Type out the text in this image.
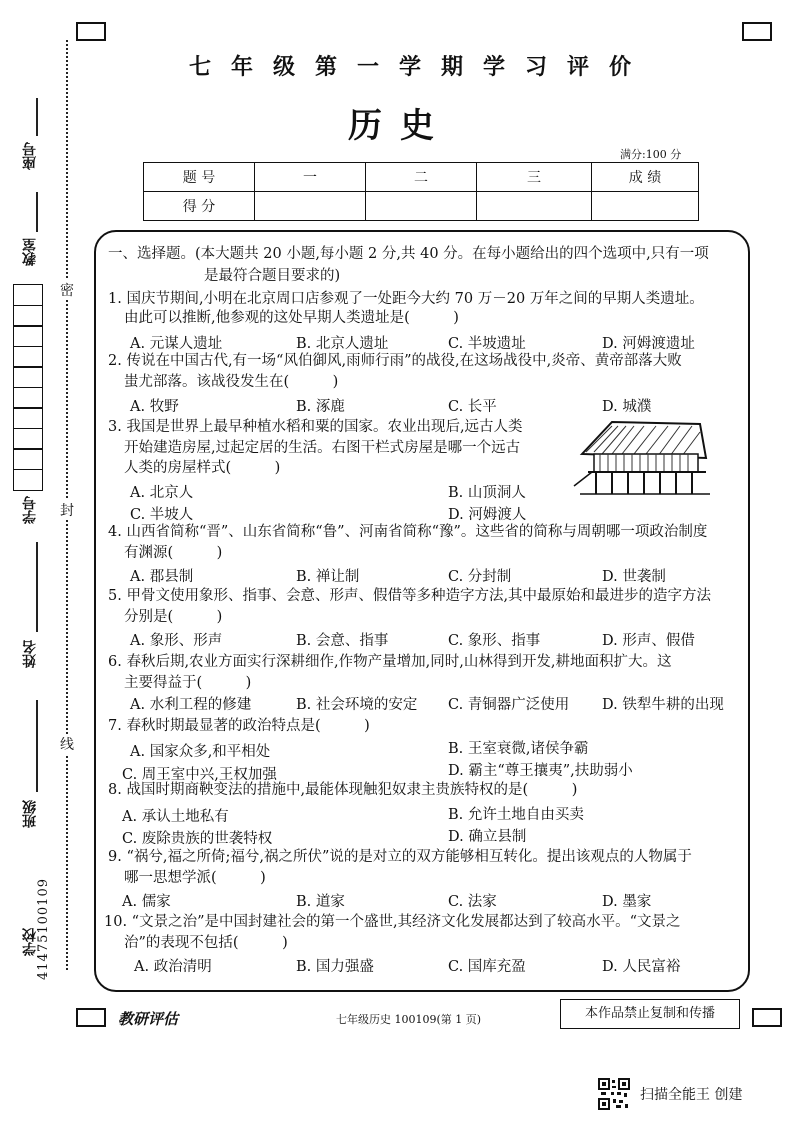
七年级第一学期学习评价
历史
满分:100 分
题 号	一	二	三	成 绩
得 分				
座号
教室
学号
姓名
班级
学校
41475100109
密
封
线
一、选择题。(本大题共 20 小题,每小题 2 分,共 40 分。在每小题给出的四个选项中,只有一项
是最符合题目要求的)
1. 国庆节期间,小明在北京周口店参观了一处距今大约 70 万－20 万年之间的早期人类遗址。
由此可以推断,他参观的这处早期人类遗址是(　　　)
A. 元谋人遗址	B. 北京人遗址	C. 半坡遗址	D. 河姆渡遗址
2. 传说在中国古代,有一场“风伯御风,雨师行雨”的战役,在这场战役中,炎帝、黄帝部落大败
蚩尤部落。该战役发生在(　　　)
A. 牧野	B. 涿鹿	C. 长平	D. 城濮
3. 我国是世界上最早种植水稻和粟的国家。农业出现后,远古人类
开始建造房屋,过起定居的生活。右图干栏式房屋是哪一个远古
人类的房屋样式(　　　)
A. 北京人	B. 山顶洞人
C. 半坡人	D. 河姆渡人
4. 山西省简称“晋”、山东省简称“鲁”、河南省简称“豫”。这些省的简称与周朝哪一项政治制度
有渊源(　　　)
A. 郡县制	B. 禅让制	C. 分封制	D. 世袭制
5. 甲骨文使用象形、指事、会意、形声、假借等多种造字方法,其中最原始和最进步的造字方法
分别是(　　　)
A. 象形、形声	B. 会意、指事	C. 象形、指事	D. 形声、假借
6. 春秋后期,农业方面实行深耕细作,作物产量增加,同时,山林得到开发,耕地面积扩大。这
主要得益于(　　　)
A. 水利工程的修建	B. 社会环境的安定 C. 青铜器广泛使用 D. 铁犁牛耕的出现
7. 春秋时期最显著的政治特点是(　　　)
A. 国家众多,和平相处	B. 王室衰微,诸侯争霸
C. 周王室中兴,王权加强	D. 霸主“尊王攘夷”,扶助弱小
8. 战国时期商鞅变法的措施中,最能体现触犯奴隶主贵族特权的是(　　　)
A. 承认土地私有	B. 允许土地自由买卖
C. 废除贵族的世袭特权	D. 确立县制
9. “祸兮,福之所倚;福兮,祸之所伏”说的是对立的双方能够相互转化。提出该观点的人物属于
哪一思想学派(　　　)
A. 儒家	B. 道家	C. 法家	D. 墨家
10. “文景之治”是中国封建社会的第一个盛世,其经济文化发展都达到了较高水平。“文景之
治”的表现不包括(　　　)
A. 政治清明	B. 国力强盛	C. 国库充盈	D. 人民富裕
教研评估	七年级历史 100109(第 1 页)	本作品禁止复制和传播
扫描全能王 创建
